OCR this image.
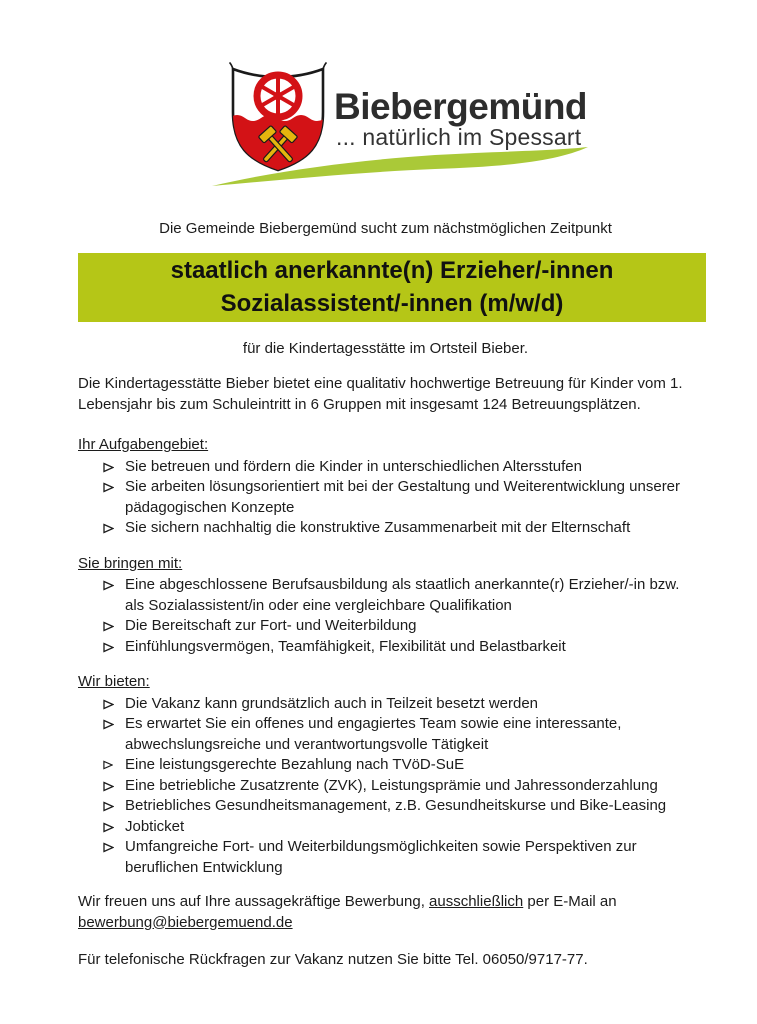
Biebergemünd
... natürlich im Spessart

Die Gemeinde Biebergemünd sucht zum nächstmöglichen Zeitpunkt

staatlich anerkannte(n) Erzieher/-innen
Sozialassistent/-innen (m/w/d)

für die Kindertagesstätte im Ortsteil Bieber.

Die Kindertagesstätte Bieber bietet eine qualitativ hochwertige Betreuung für Kinder vom 1. Lebensjahr bis zum Schuleintritt in 6 Gruppen mit insgesamt 124 Betreuungsplätzen.

Ihr Aufgabengebiet:
Sie betreuen und fördern die Kinder in unterschiedlichen Altersstufen
Sie arbeiten lösungsorientiert mit bei der Gestaltung und Weiterentwicklung unserer pädagogischen Konzepte
Sie sichern nachhaltig die konstruktive Zusammenarbeit mit der Elternschaft
Sie bringen mit:
Eine abgeschlossene Berufsausbildung als staatlich anerkannte(r) Erzieher/-in bzw. als Sozialassistent/in oder eine vergleichbare Qualifikation
Die Bereitschaft zur Fort- und Weiterbildung
Einfühlungsvermögen, Teamfähigkeit, Flexibilität und Belastbarkeit
Wir bieten:
Die Vakanz kann grundsätzlich auch in Teilzeit besetzt werden
Es erwartet Sie ein offenes und engagiertes Team sowie eine interessante, abwechslungsreiche und verantwortungsvolle Tätigkeit
Eine leistungsgerechte Bezahlung nach TVöD-SuE
Eine betriebliche Zusatzrente (ZVK), Leistungsprämie und Jahressonderzahlung
Betriebliches Gesundheitsmanagement, z.B. Gesundheitskurse und Bike-Leasing
Jobticket
Umfangreiche Fort- und Weiterbildungsmöglichkeiten sowie Perspektiven zur beruflichen Entwicklung

Wir freuen uns auf Ihre aussagekräftige Bewerbung, ausschließlich per E-Mail an
bewerbung@biebergemuend.de

Für telefonische Rückfragen zur Vakanz nutzen Sie bitte Tel. 06050/9717-77.
